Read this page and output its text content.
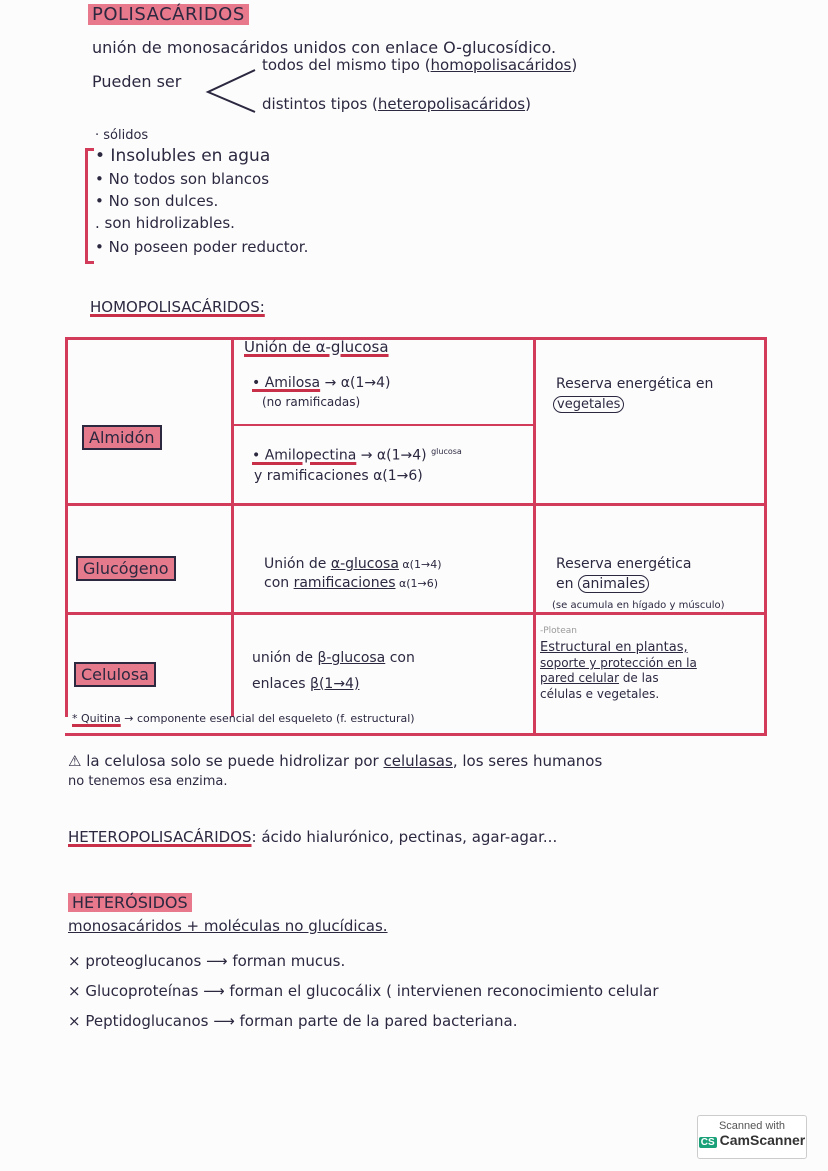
POLISACÁRIDOS
unión de monosacáridos unidos con enlace O-glucosídico.
Pueden ser
todos del mismo tipo (homopolisacáridos)
distintos tipos (heteropolisacáridos)
· sólidos
• Insolubles en agua
• No todos son blancos
• No son dulces.
. son hidrolizables.
• No poseen poder reductor.
HOMOPOLISACÁRIDOS:
Almidón
Unión de α-glucosa
• Amilosa → α(1→4)
(no ramificadas)
• Amilopectina → α(1→4) $^{glucosa}$
y ramificaciones α(1→6)
Reserva energética en
vegetales
Glucógeno	Unión de α-glucosa α(1→4)
con ramificaciones α(1→6)
Reserva energética
en animales
(se acumula en hígado y músculo)
Celulosa
unión de β-glucosa con
enlaces β(1→4)
-Plotean
Estructural en plantas,
soporte y protección en la
pared celular de las
células e vegetales.
* Quitina → componente esencial del esqueleto (f. estructural)
⚠ la celulosa solo se puede hidrolizar por celulasas, los seres humanos
no tenemos esa enzima.
HETEROPOLISACÁRIDOS: ácido hialurónico, pectinas, agar-agar...
HETERÓSIDOS
monosacáridos + moléculas no glucídicas.
× proteoglucanos ⟶ forman mucus.
× Glucoproteínas ⟶ forman el glucocálix ( intervienen reconocimiento celular
× Peptidoglucanos ⟶ forman parte de la pared bacteriana.
Scanned with
CS CamScanner
